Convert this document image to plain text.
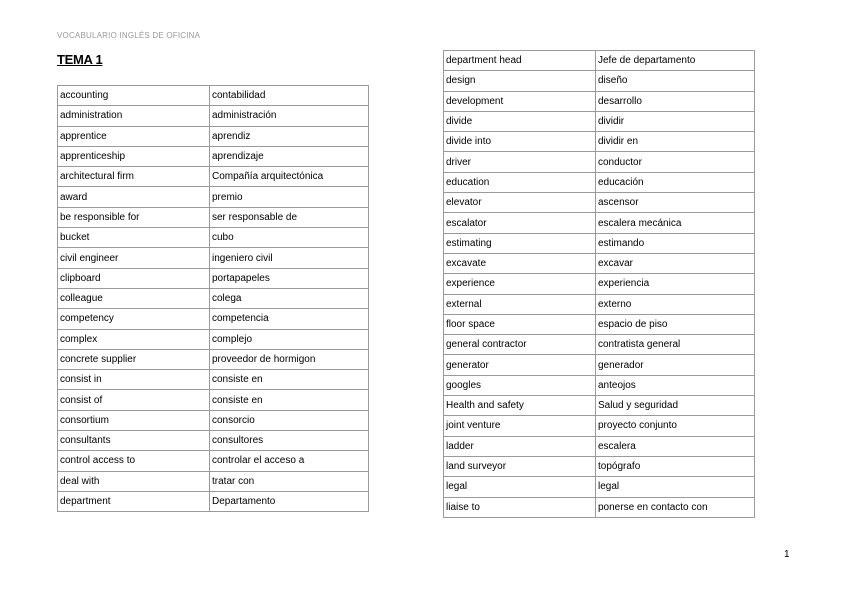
VOCABULARIO INGLÉS DE OFICINA
TEMA 1
accounting	contabilidad
administration	administración
apprentice	aprendiz
apprenticeship	aprendizaje
architectural firm	Compañía arquitectónica
award	premio
be responsible for	ser responsable de
bucket	cubo
civil engineer	ingeniero civil
clipboard	portapapeles
colleague	colega
competency	competencia
complex	complejo
concrete supplier	proveedor de hormigon
consist in	consiste en
consist of	consiste en
consortium	consorcio
consultants	consultores
control access to	controlar el acceso a
deal with	tratar con
department	Departamento
department head	Jefe de departamento
design	diseño
development	desarrollo
divide	dividir
divide into	dividir en
driver	conductor
education	educación
elevator	ascensor
escalator	escalera mecánica
estimating	estimando
excavate	excavar
experience	experiencia
external	externo
floor space	espacio de piso
general contractor	contratista general
generator	generador
googles	anteojos
Health and safety	Salud y seguridad
joint venture	proyecto conjunto
ladder	escalera
land surveyor	topógrafo
legal	legal
liaise to	ponerse en contacto con
1
